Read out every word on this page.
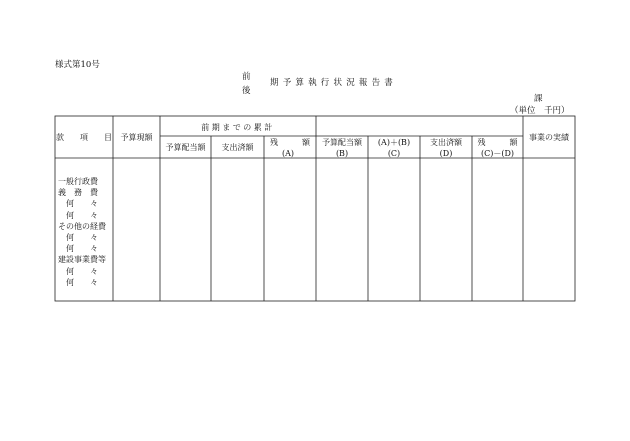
様式第10号
前
後
期予算執行状況報告書
課
（単位　千円）
款　　項　　目	予算現額
前期までの累計
予算配当額	支出済額
残　　　額
(A)
予算配当額
(B)
(A)＋(B)
(C)
支出済額
(D)
残　　　額
(C)－(D)
事業の実績
一般行政費
義　務　費
何　　々
何　　々
その他の経費
何　　々
何　　々
建設事業費等
何　　々
何　　々
